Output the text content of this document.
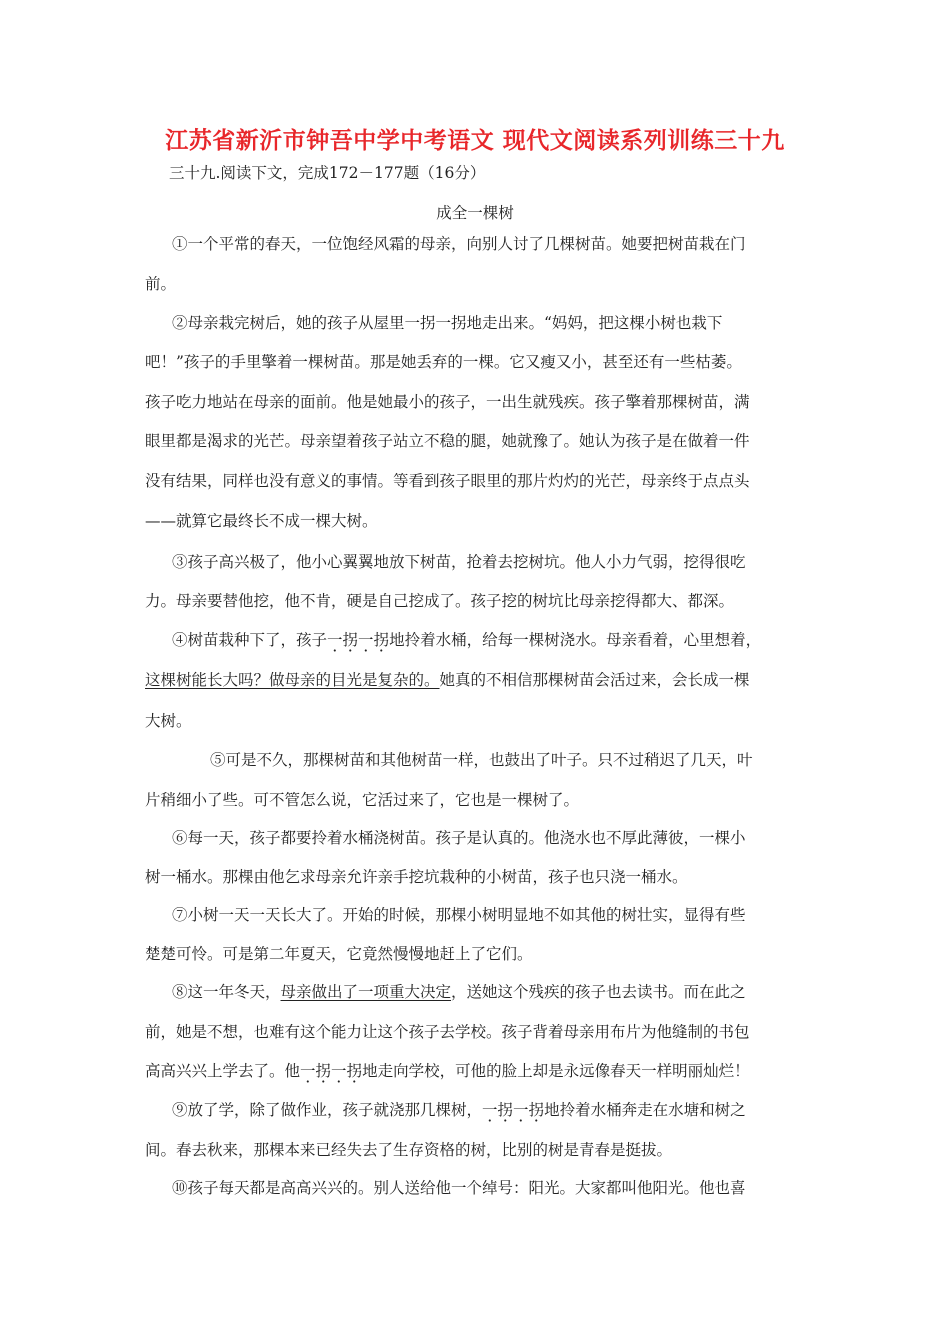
江苏省新沂市钟吾中学中考语文 现代文阅读系列训练三十九

三十九.阅读下文，完成172－177题（16分）

成全一棵树

①一个平常的春天，一位饱经风霜的母亲，向别人讨了几棵树苗。她要把树苗栽在门

前。

②母亲栽完树后，她的孩子从屋里一拐一拐地走出来。“妈妈，把这棵小树也栽下

吧！”孩子的手里擎着一棵树苗。那是她丢弃的一棵。它又瘦又小，甚至还有一些枯萎。

孩子吃力地站在母亲的面前。他是她最小的孩子，一出生就残疾。孩子擎着那棵树苗，满

眼里都是渴求的光芒。母亲望着孩子站立不稳的腿，她就豫了。她认为孩子是在做着一件

没有结果，同样也没有意义的事情。等看到孩子眼里的那片灼灼的光芒，母亲终于点点头

——就算它最终长不成一棵大树。

③孩子高兴极了，他小心翼翼地放下树苗，抢着去挖树坑。他人小力气弱，挖得很吃

力。母亲要替他挖，他不肯，硬是自己挖成了。孩子挖的树坑比母亲挖得都大、都深。

④树苗栽种下了，孩子一拐一拐地拎着水桶，给每一棵树浇水。母亲看着，心里想着，

这棵树能长大吗？做母亲的目光是复杂的。她真的不相信那棵树苗会活过来，会长成一棵

大树。

⑤可是不久，那棵树苗和其他树苗一样，也鼓出了叶子。只不过稍迟了几天，叶

片稍细小了些。可不管怎么说，它活过来了，它也是一棵树了。

⑥每一天，孩子都要拎着水桶浇树苗。孩子是认真的。他浇水也不厚此薄彼，一棵小

树一桶水。那棵由他乞求母亲允许亲手挖坑栽种的小树苗，孩子也只浇一桶水。

⑦小树一天一天长大了。开始的时候，那棵小树明显地不如其他的树壮实，显得有些

楚楚可怜。可是第二年夏天，它竟然慢慢地赶上了它们。

⑧这一年冬天，母亲做出了一项重大决定，送她这个残疾的孩子也去读书。而在此之

前，她是不想，也难有这个能力让这个孩子去学校。孩子背着母亲用布片为他缝制的书包

高高兴兴上学去了。他一拐一拐地走向学校，可他的脸上却是永远像春天一样明丽灿烂！

⑨放了学，除了做作业，孩子就浇那几棵树，一拐一拐地拎着水桶奔走在水塘和树之

间。春去秋来，那棵本来已经失去了生存资格的树，比别的树是青春是挺拔。

⑩孩子每天都是高高兴兴的。别人送给他一个绰号：阳光。大家都叫他阳光。他也喜
